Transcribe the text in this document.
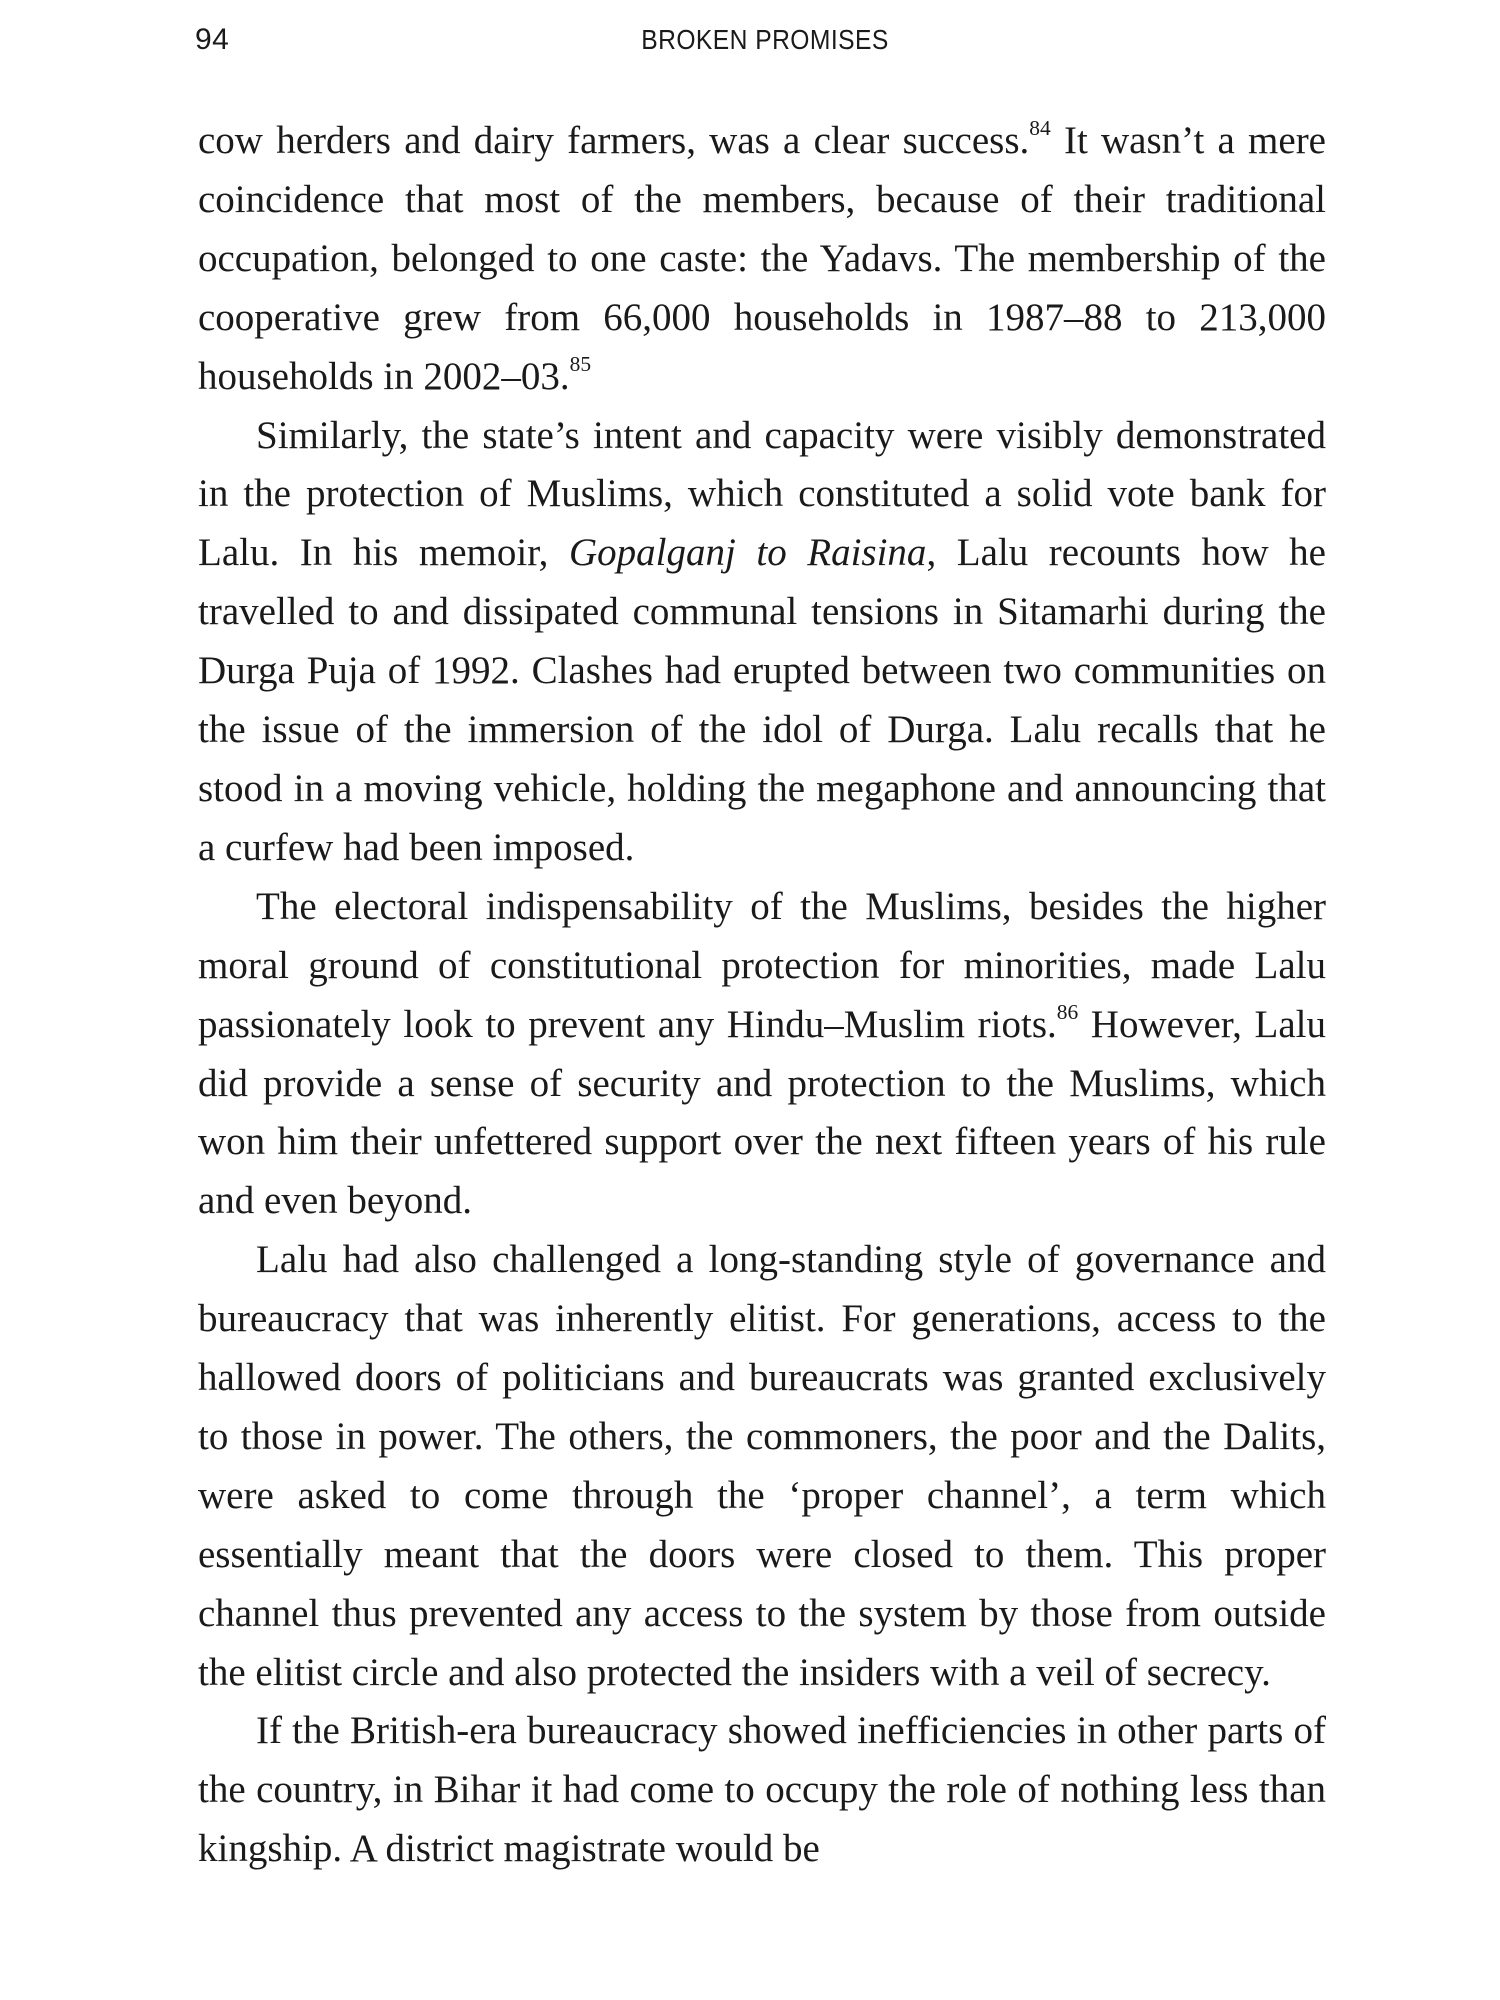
94	BROKEN PROMISES

cow herders and dairy farmers, was a clear success.$^{84}$ It wasn’t a mere coincidence that most of the members, because of their traditional occupation, belonged to one caste: the Yadavs. The membership of the cooperative grew from 66,000 households in 1987–88 to 213,000 households in 2002–03.85

Similarly, the state’s intent and capacity were visibly demonstrated in the protection of Muslims, which constituted a solid vote bank for Lalu. In his memoir, Gopalganj to Raisina, Lalu recounts how he travelled to and dissipated communal tensions in Sitamarhi during the Durga Puja of 1992. Clashes had erupted between two communities on the issue of the immersion of the idol of Durga. Lalu recalls that he stood in a moving vehicle, holding the megaphone and announcing that a curfew had been imposed.

The electoral indispensability of the Muslims, besides the higher moral ground of constitutional protection for minorities, made Lalu passionately look to prevent any Hindu–Muslim riots.$^{86}$ However, Lalu did provide a sense of security and protection to the Muslims, which won him their unfettered support over the next fifteen years of his rule and even beyond.

Lalu had also challenged a long-standing style of governance and bureaucracy that was inherently elitist. For generations, access to the hallowed doors of politicians and bureaucrats was granted exclusively to those in power. The others, the commoners, the poor and the Dalits, were asked to come through the ‘proper channel’, a term which essentially meant that the doors were closed to them. This proper channel thus prevented any access to the system by those from outside the elitist circle and also protected the insiders with a veil of secrecy.

If the British-era bureaucracy showed inefficiencies in other parts of the country, in Bihar it had come to occupy the role of nothing less than kingship. A district magistrate would be
